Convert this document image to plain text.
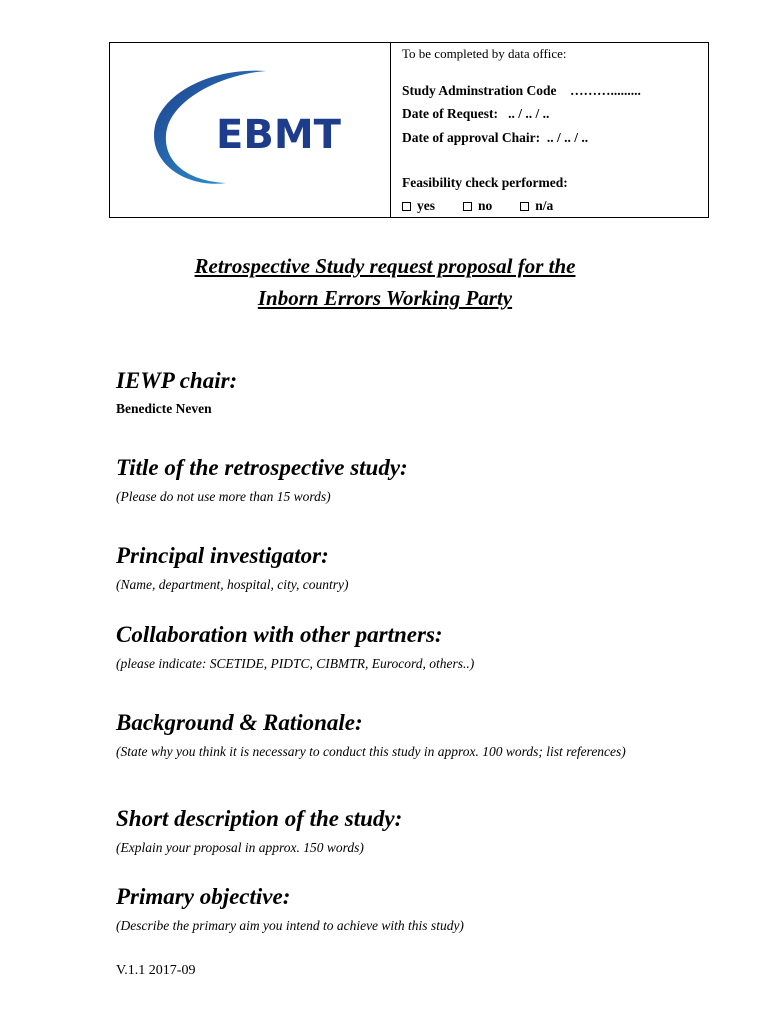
EBMT
To be completed by data office:
Study Adminstration Code    ……….........
Date of Request:   .. / .. / ..
Date of approval Chair:  .. / .. / ..
Feasibility check performed:
yes	no	n/a
Retrospective Study request proposal for the
Inborn Errors Working Party
IEWP chair:
Benedicte Neven
Title of the retrospective study:
(Please do not use more than 15 words)
Principal investigator:
(Name, department, hospital, city, country)
Collaboration with other partners:
(please indicate: SCETIDE, PIDTC, CIBMTR, Eurocord, others..)
Background & Rationale:
(State why you think it is necessary to conduct this study in approx. 100 words; list references)
Short description of the study:
(Explain your proposal in approx. 150 words)
Primary objective:
(Describe the primary aim you intend to achieve with this study)
V.1.1 2017-09
